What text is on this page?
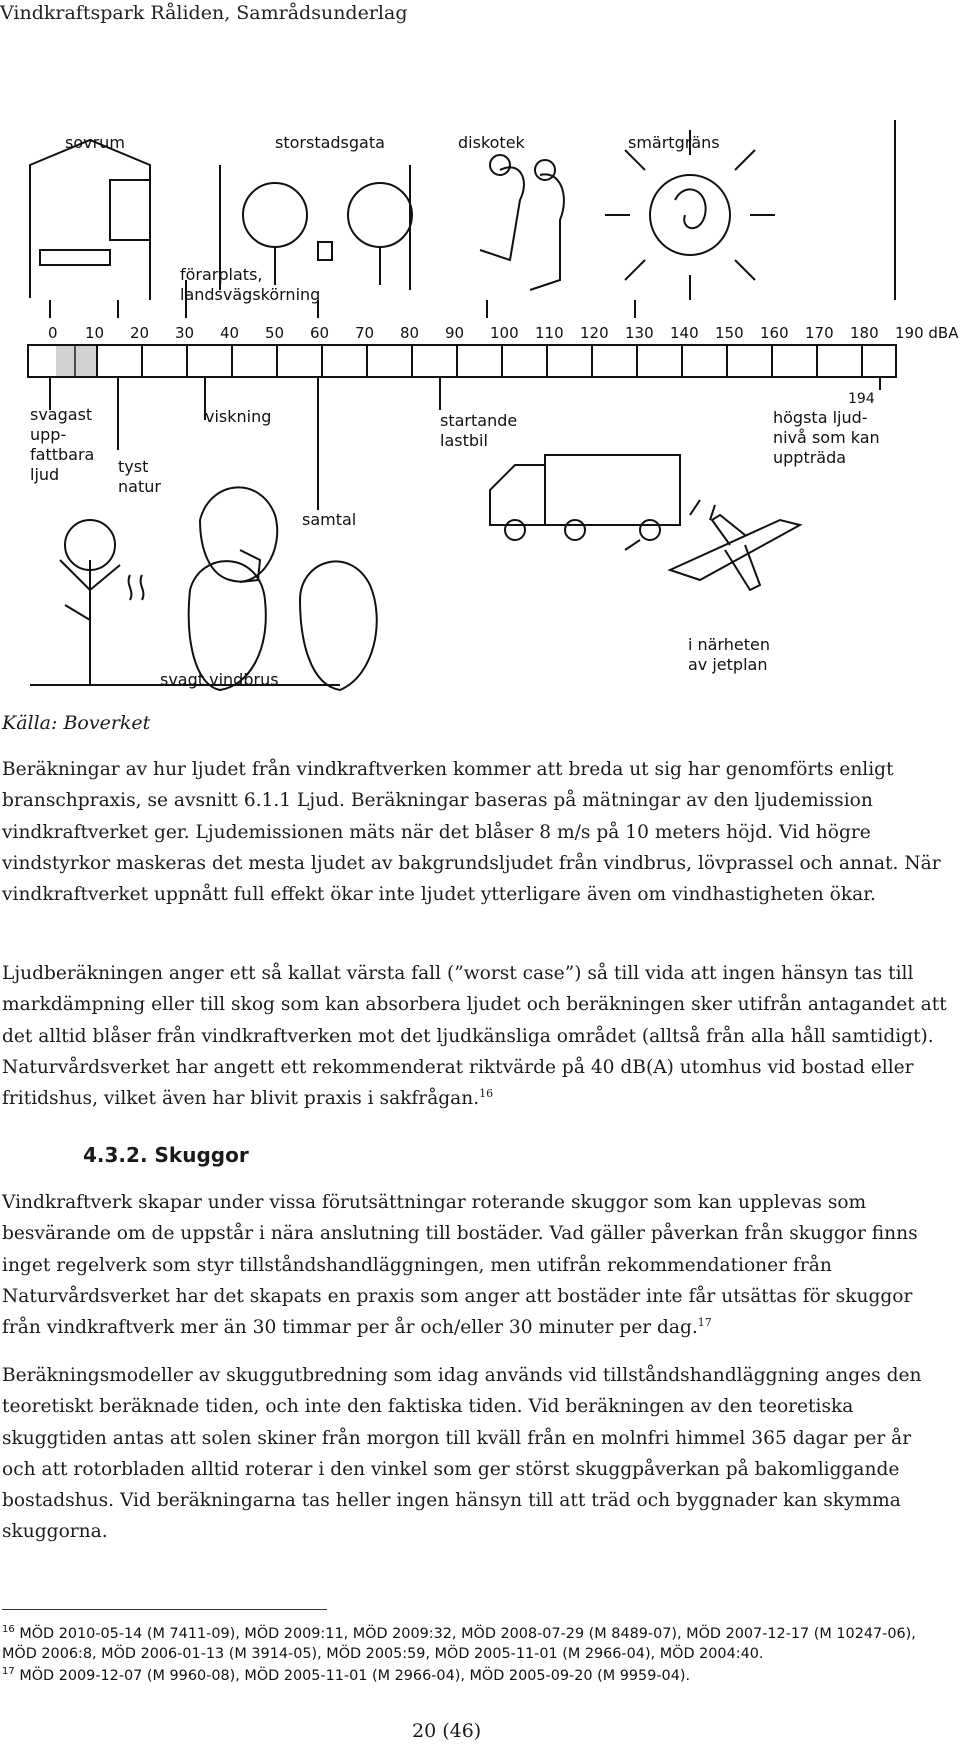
Vindkraftspark Råliden, Samrådsunderlag
sovrum	storstadsgata	diskotek	smärtgräns
förarplats,
landsvägskörning
0 10 20 30 40 50 60 70 80 90 100 110 120 130 140 150 160 170 180 190 dBA
svagast
upp-
fattbara
ljud	tyst
natur
viskning
samtal
startande
lastbil
194
högsta ljud-
nivå som kan
uppträda
svagt vindbrus
i närheten
av jetplan
Källa: Boverket

Beräkningar av hur ljudet från vindkraftverken kommer att breda ut sig har genomförts enligt branschpraxis, se avsnitt 6.1.1 Ljud. Beräkningar baseras på mätningar av den ljudemission vindkraftverket ger. Ljudemissionen mäts när det blåser 8 m/s på 10 meters höjd. Vid högre vindstyrkor maskeras det mesta ljudet av bakgrundsljudet från vindbrus, lövprassel och annat. När vindkraftverket uppnått full effekt ökar inte ljudet ytterligare även om vindhastigheten ökar.

Ljudberäkningen anger ett så kallat värsta fall (”worst case”) så till vida att ingen hänsyn tas till markdämpning eller till skog som kan absorbera ljudet och beräkningen sker utifrån antagandet att det alltid blåser från vindkraftverken mot det ljudkänsliga området (alltså från alla håll samtidigt). Naturvårdsverket har angett ett rekommenderat riktvärde på 40 dB(A) utomhus vid bostad eller fritidshus, vilket även har blivit praxis i sakfrågan.$^{16}$

4.3.2. Skuggor

Vindkraftverk skapar under vissa förutsättningar roterande skuggor som kan upplevas som besvärande om de uppstår i nära anslutning till bostäder. Vad gäller påverkan från skuggor finns inget regelverk som styr tillståndshandläggningen, men utifrån rekommendationer från Naturvårdsverket har det skapats en praxis som anger att bostäder inte får utsättas för skuggor från vindkraftverk mer än 30 timmar per år och/eller 30 minuter per dag.$^{17}$

Beräkningsmodeller av skuggutbredning som idag används vid tillståndshandläggning anges den teoretiskt beräknade tiden, och inte den faktiska tiden. Vid beräkningen av den teoretiska skuggtiden antas att solen skiner från morgon till kväll från en molnfri himmel 365 dagar per år och att rotorbladen alltid roterar i den vinkel som ger störst skuggpåverkan på bakomliggande bostadshus. Vid beräkningarna tas heller ingen hänsyn till att träd och byggnader kan skymma skuggorna.

$^{16}$ MÖD 2010-05-14 (M 7411-09), MÖD 2009:11, MÖD 2009:32, MÖD 2008-07-29 (M 8489-07), MÖD 2007-12-17 (M 10247-06), MÖD 2006:8, MÖD 2006-01-13 (M 3914-05), MÖD 2005:59, MÖD 2005-11-01 (M 2966-04), MÖD 2004:40.
$^{17}$ MÖD 2009-12-07 (M 9960-08), MÖD 2005-11-01 (M 2966-04), MÖD 2005-09-20 (M 9959-04).
20 (46)
